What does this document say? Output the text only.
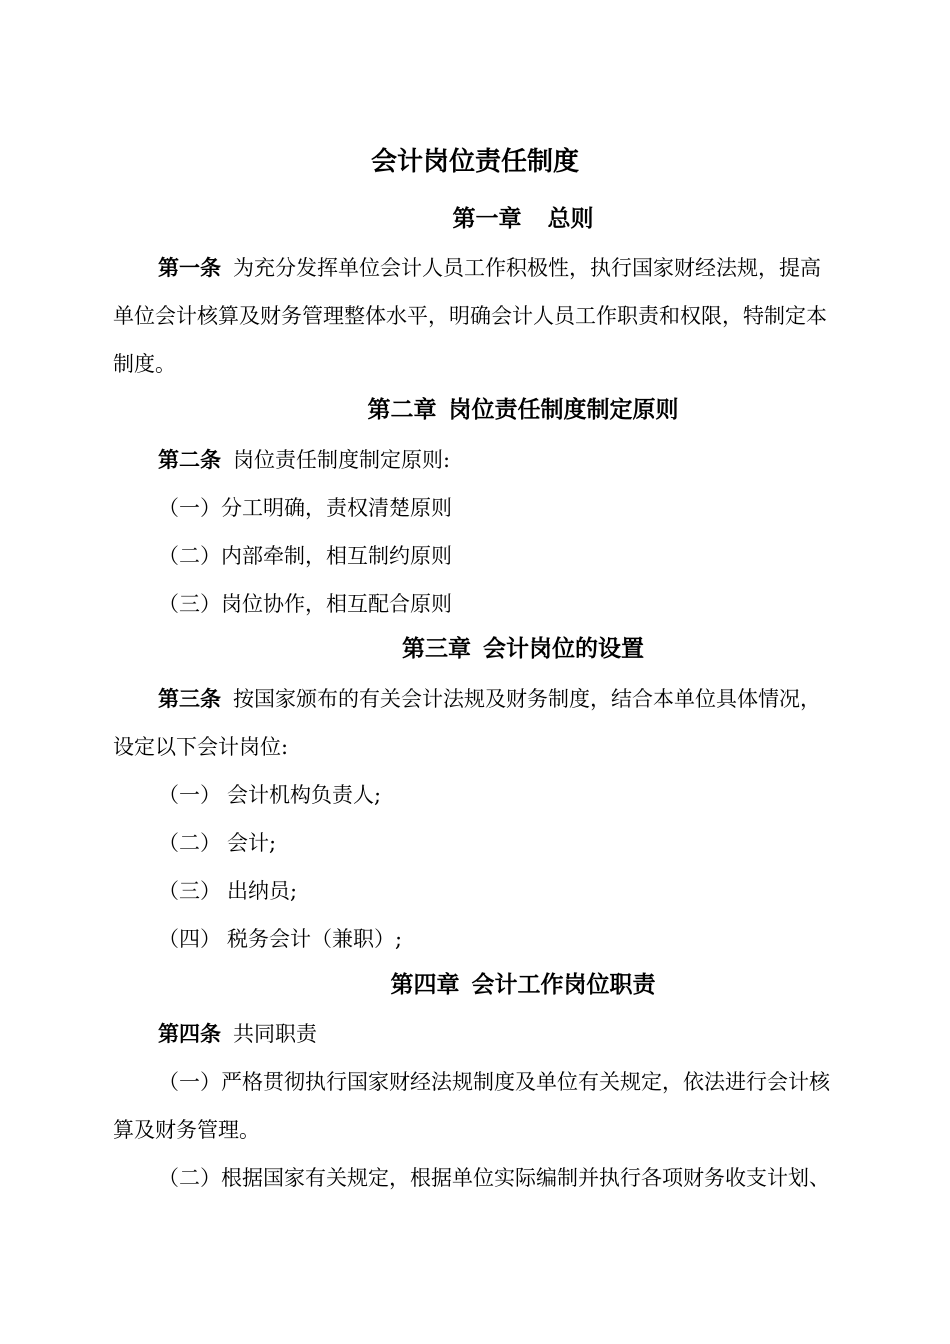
会计岗位责任制度
第一章 总则
第一条 为充分发挥单位会计人员工作积极性，执行国家财经法规，提高
单位会计核算及财务管理整体水平，明确会计人员工作职责和权限，特制定本
制度。
第二章 岗位责任制度制定原则
第二条 岗位责任制度制定原则:
（一）分工明确，责权清楚原则
（二）内部牵制，相互制约原则
（三）岗位协作，相互配合原则
第三章 会计岗位的设置
第三条 按国家颁布的有关会计法规及财务制度，结合本单位具体情况，
设定以下会计岗位:
（一） 会计机构负责人;
（二） 会计;
（三） 出纳员;
（四） 税务会计（兼职）;
第四章 会计工作岗位职责
第四条 共同职责
（一）严格贯彻执行国家财经法规制度及单位有关规定，依法进行会计核
算及财务管理。
（二）根据国家有关规定，根据单位实际编制并执行各项财务收支计划、
